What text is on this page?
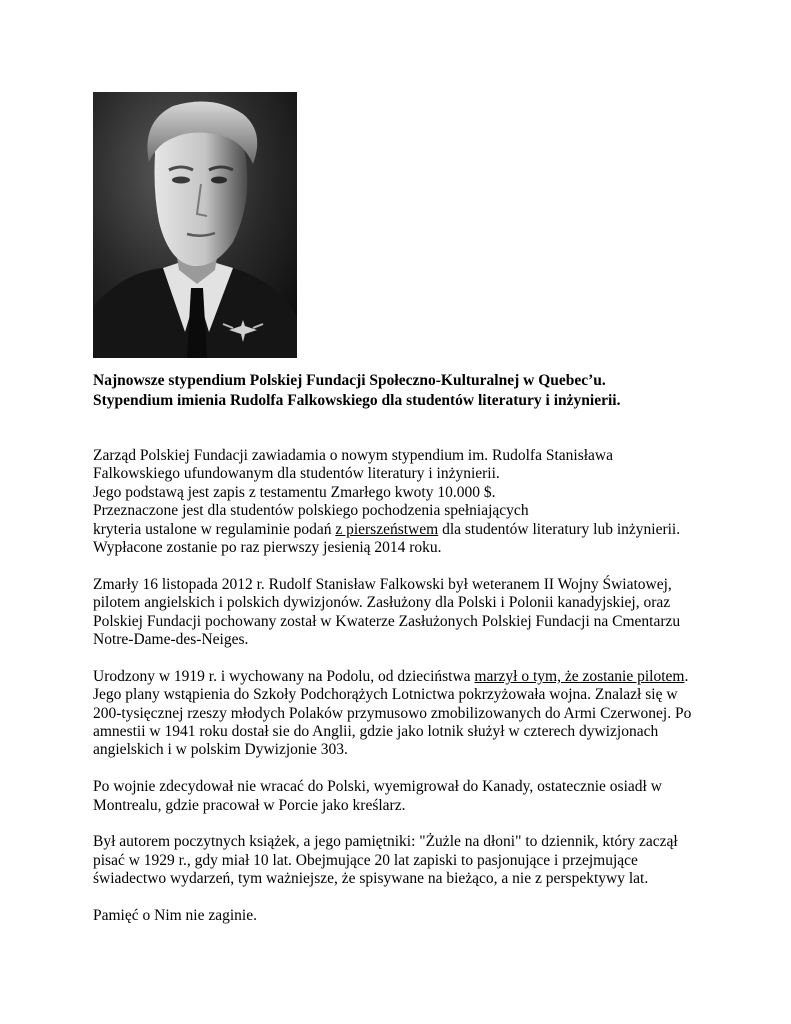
Najnowsze stypendium Polskiej Fundacji Społeczno-Kulturalnej w Quebec’u.
Stypendium imienia Rudolfa Falkowskiego dla studentów literatury i inżynierii.

Zarząd Polskiej Fundacji zawiadamia o nowym stypendium im. Rudolfa Stanisława
Falkowskiego ufundowanym dla studentów literatury i inżynierii.
Jego podstawą jest zapis z testamentu Zmarłego kwoty 10.000 $.
Przeznaczone jest dla studentów polskiego pochodzenia spełniających
kryteria ustalone w regulaminie podań z pierszeństwem dla studentów literatury lub inżynierii.
Wypłacone zostanie po raz pierwszy jesienią 2014 roku.

Zmarły 16 listopada 2012 r. Rudolf Stanisław Falkowski był weteranem II Wojny Światowej,
pilotem angielskich i polskich dywizjonów. Zasłużony dla Polski i Polonii kanadyjskiej, oraz
Polskiej Fundacji pochowany został w Kwaterze Zasłużonych Polskiej Fundacji na Cmentarzu
Notre-Dame-des-Neiges.

Urodzony w 1919 r. i wychowany na Podolu, od dzieciństwa marzył o tym, że zostanie pilotem.
Jego plany wstąpienia do Szkoły Podchorążych Lotnictwa pokrzyżowała wojna. Znalazł się w
200-tysięcznej rzeszy młodych Polaków przymusowo zmobilizowanych do Armi Czerwonej. Po
amnestii w 1941 roku dostał sie do Anglii, gdzie jako lotnik służył w czterech dywizjonach
angielskich i w polskim Dywizjonie 303.

Po wojnie zdecydował nie wracać do Polski, wyemigrował do Kanady, ostatecznie osiadł w
Montrealu, gdzie pracował w Porcie jako kreślarz.

Był autorem poczytnych książek, a jego pamiętniki: "Żużle na dłoni" to dziennik, który zaczął
pisać w 1929 r., gdy miał 10 lat. Obejmujące 20 lat zapiski to pasjonujące i przejmujące
świadectwo wydarzeń, tym ważniejsze, że spisywane na bieżąco, a nie z perspektywy lat.

Pamięć o Nim nie zaginie.
